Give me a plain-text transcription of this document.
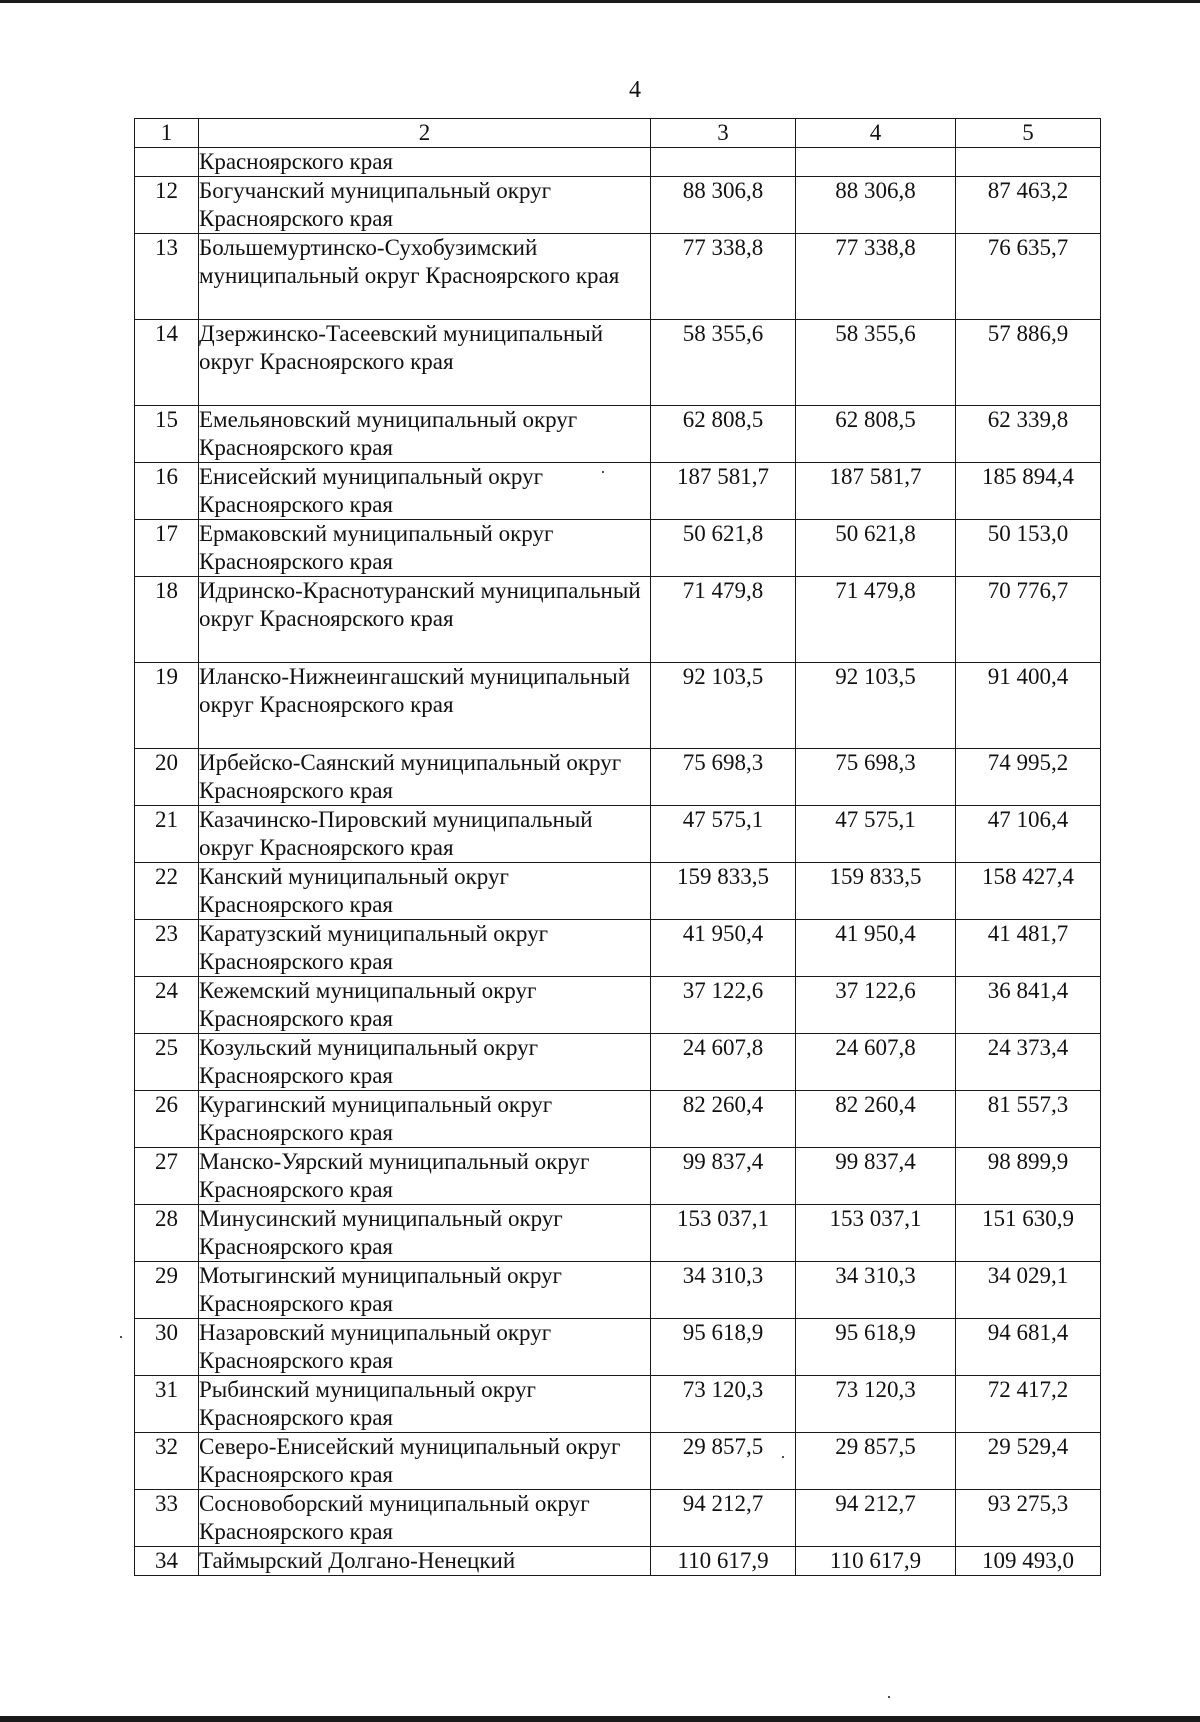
4
1	2	3	4	5
	Красноярского края			
12	Богучанский муниципальный округ Красноярского края	88 306,8	88 306,8	87 463,2
13	Большемуртинско-Сухобузимский муниципальный округ Красноярского края	77 338,8	77 338,8	76 635,7
14	Дзержинско-Тасеевский муниципальный округ Красноярского края	58 355,6	58 355,6	57 886,9
15	Емельяновский муниципальный округ Красноярского края	62 808,5	62 808,5	62 339,8
16	Енисейский муниципальный округ Красноярского края	187 581,7	187 581,7	185 894,4
17	Ермаковский муниципальный округ Красноярского края	50 621,8	50 621,8	50 153,0
18	Идринско-Краснотуранский муниципальный округ Красноярского края	71 479,8	71 479,8	70 776,7
19	Иланско-Нижнеингашский муниципальный округ Красноярского края	92 103,5	92 103,5	91 400,4
20	Ирбейско-Саянский муниципальный округ Красноярского края	75 698,3	75 698,3	74 995,2
21	Казачинско-Пировский муниципальный округ Красноярского края	47 575,1	47 575,1	47 106,4
22	Канский муниципальный округ Красноярского края	159 833,5	159 833,5	158 427,4
23	Каратузский муниципальный округ Красноярского края	41 950,4	41 950,4	41 481,7
24	Кежемский муниципальный округ Красноярского края	37 122,6	37 122,6	36 841,4
25	Козульский муниципальный округ Красноярского края	24 607,8	24 607,8	24 373,4
26	Курагинский муниципальный округ Красноярского края	82 260,4	82 260,4	81 557,3
27	Манско-Уярский муниципальный округ Красноярского края	99 837,4	99 837,4	98 899,9
28	Минусинский муниципальный округ Красноярского края	153 037,1	153 037,1	151 630,9
29	Мотыгинский муниципальный округ Красноярского края	34 310,3	34 310,3	34 029,1
30	Назаровский муниципальный округ Красноярского края	95 618,9	95 618,9	94 681,4
31	Рыбинский муниципальный округ Красноярского края	73 120,3	73 120,3	72 417,2
32	Северо-Енисейский муниципальный округ Красноярского края	29 857,5	29 857,5	29 529,4
33	Сосновоборский муниципальный округ Красноярского края	94 212,7	94 212,7	93 275,3
34	Таймырский Долгано-Ненецкий	110 617,9	110 617,9	109 493,0
·
·
·
·
